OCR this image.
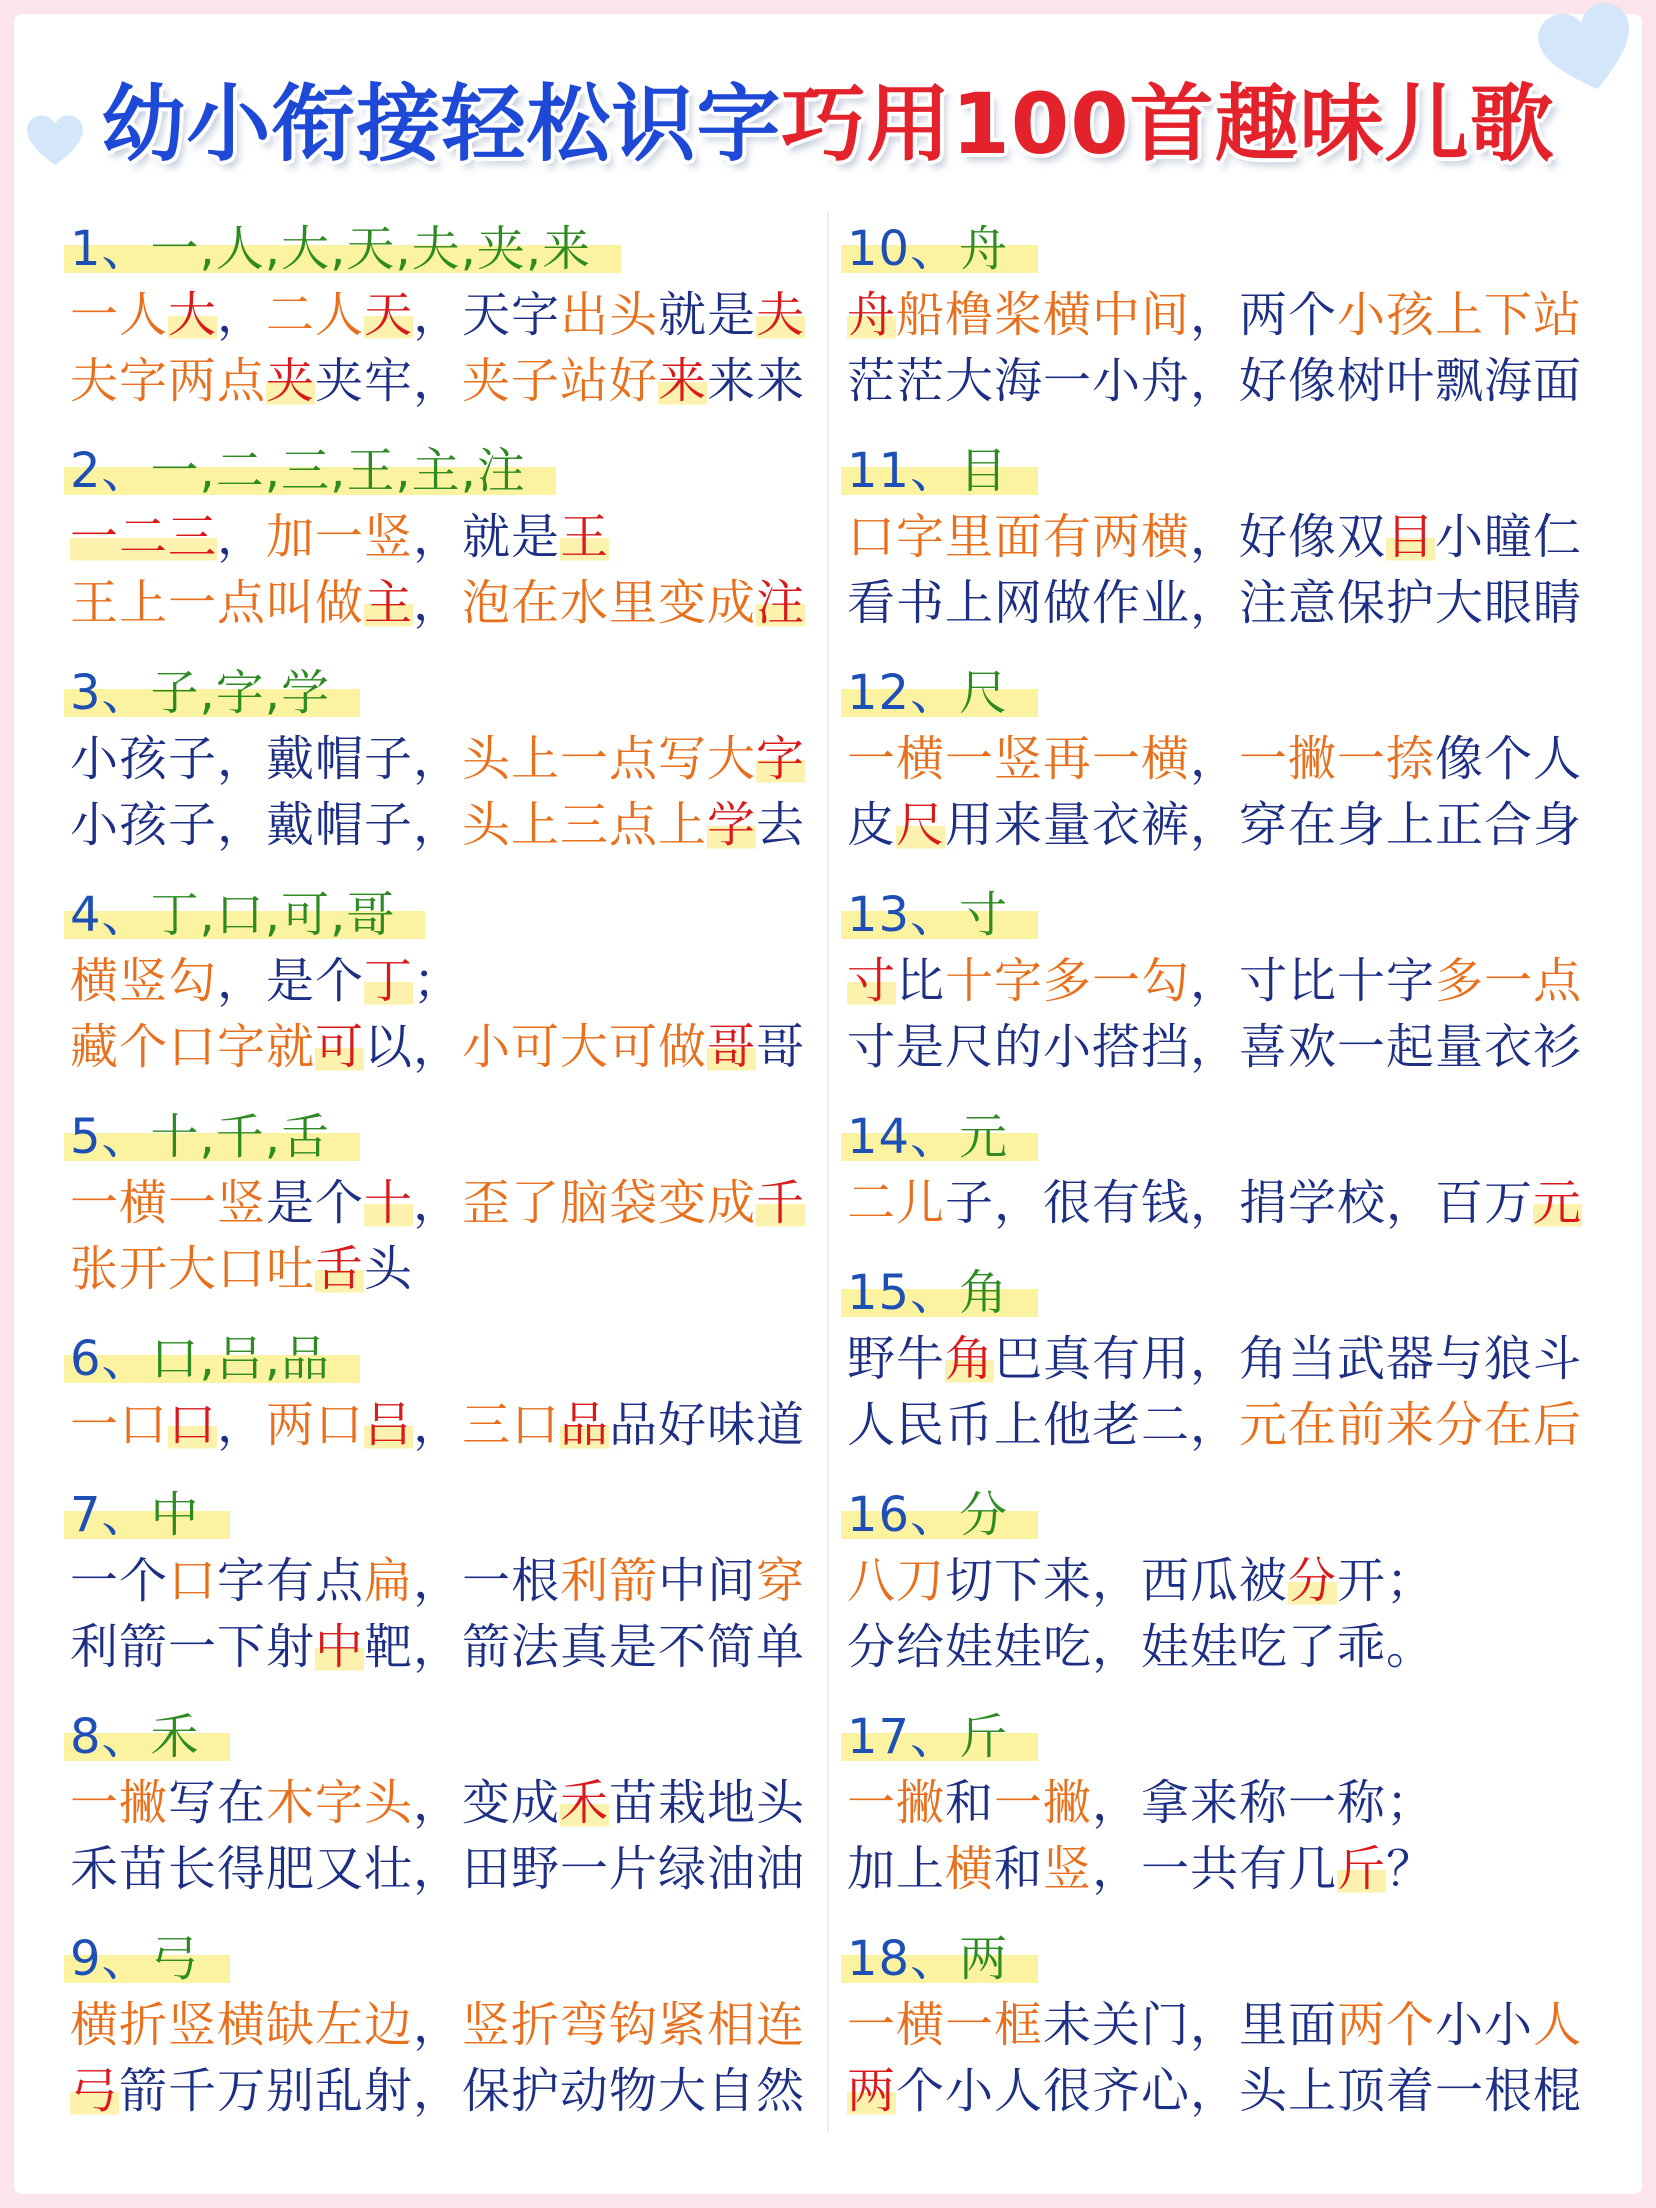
幼小衔接轻松识字巧用100首趣味儿歌
1、一,人,大,天,夫,夹,来
一人大，二人天，天字出头就是夫
夫字两点夹夹牢，夹子站好来来来
2、一,二,三,王,主,注
一二三，加一竖，就是王
王上一点叫做主，泡在水里变成注
3、子,字,学
小孩子，戴帽子，头上一点写大字
小孩子，戴帽子，头上三点上学去
4、丁,口,可,哥
横竖勾，是个丁；
藏个口字就可以，小可大可做哥哥
5、十,千,舌
一横一竖是个十，歪了脑袋变成千
张开大口吐舌头
6、口,吕,品
一口口，两口吕，三口品品好味道
7、中
一个口字有点扁，一根利箭中间穿
利箭一下射中靶，箭法真是不简单
8、禾
一撇写在木字头，变成禾苗栽地头
禾苗长得肥又壮，田野一片绿油油
9、弓
横折竖横缺左边，竖折弯钩紧相连
弓箭千万别乱射，保护动物大自然
10、舟
舟船橹桨横中间，两个小孩上下站
茫茫大海一小舟，好像树叶飘海面
11、目
口字里面有两横，好像双目小瞳仁
看书上网做作业，注意保护大眼睛
12、尺
一横一竖再一横，一撇一捺像个人
皮尺用来量衣裤，穿在身上正合身
13、寸
寸比十字多一勾，寸比十字多一点
寸是尺的小搭挡，喜欢一起量衣衫
14、元
二儿子，很有钱，捐学校，百万元
15、角
野牛角巴真有用，角当武器与狼斗
人民币上他老二，元在前来分在后
16、分
八刀切下来，西瓜被分开；
分给娃娃吃，娃娃吃了乖。
17、斤
一撇和一撇，拿来称一称；
加上横和竖，一共有几斤？
18、两
一横一框未关门，里面两个小小人
两个小人很齐心，头上顶着一根棍
